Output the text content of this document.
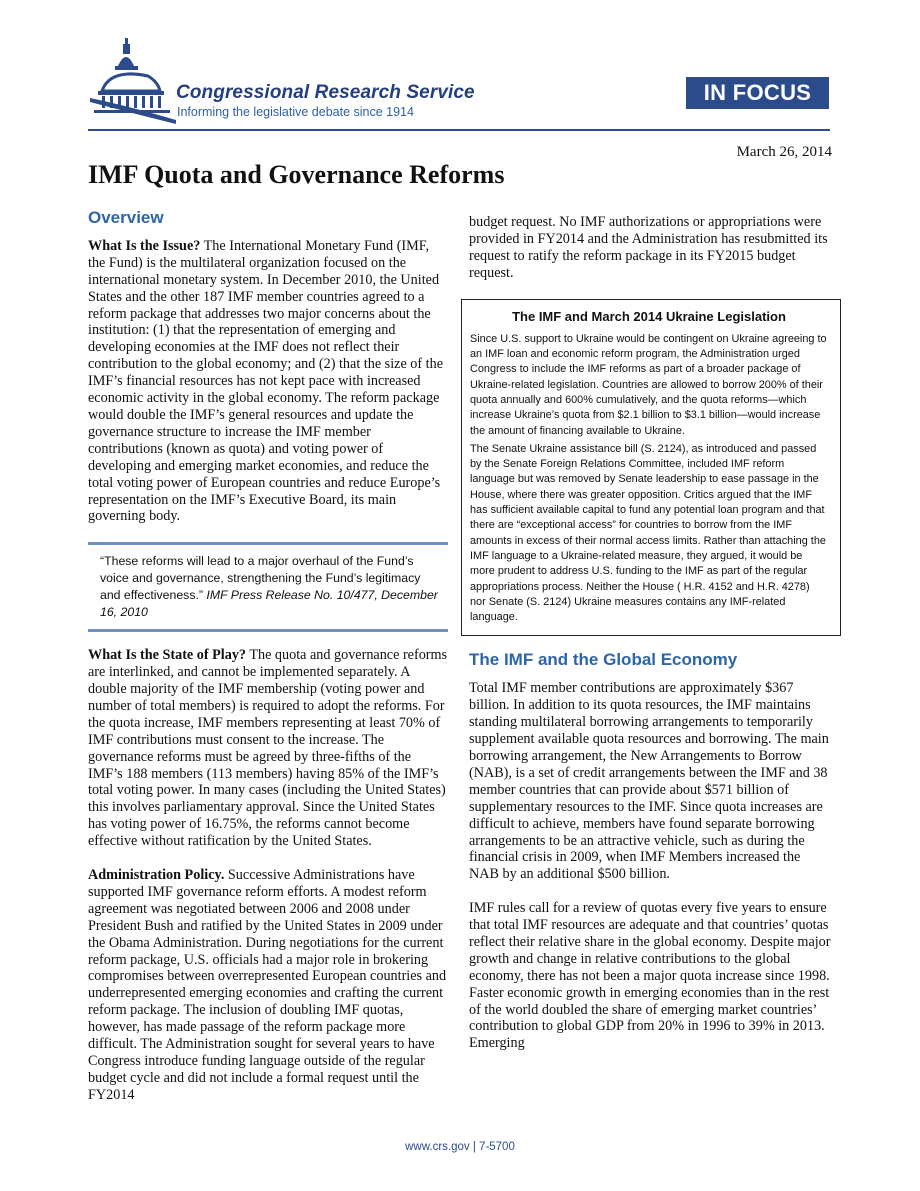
Congressional Research Service
Informing the legislative debate since 1914
IN FOCUS
March 26, 2014
IMF Quota and Governance Reforms
Overview

What Is the Issue? The International Monetary Fund (IMF, the Fund) is the multilateral organization focused on the international monetary system. In December 2010, the United States and the other 187 IMF member countries agreed to a reform package that addresses two major concerns about the institution: (1) that the representation of emerging and developing economies at the IMF does not reflect their contribution to the global economy; and (2) that the size of the IMF’s financial resources has not kept pace with increased economic activity in the global economy. The reform package would double the IMF’s general resources and update the governance structure to increase the IMF member contributions (known as quota) and voting power of developing and emerging market economies, and reduce the total voting power of European countries and reduce Europe’s representation on the IMF’s Executive Board, its main governing body.

“These reforms will lead to a major overhaul of the Fund’s voice and governance, strengthening the Fund’s legitimacy and effectiveness.” IMF Press Release No. 10/477, December 16, 2010

What Is the State of Play? The quota and governance reforms are interlinked, and cannot be implemented separately. A double majority of the IMF membership (voting power and number of total members) is required to adopt the reforms. For the quota increase, IMF members representing at least 70% of IMF contributions must consent to the increase. The governance reforms must be agreed by three-fifths of the IMF’s 188 members (113 members) having 85% of the IMF’s total voting power. In many cases (including the United States) this involves parliamentary approval. Since the United States has voting power of 16.75%, the reforms cannot become effective without ratification by the United States.

Administration Policy. Successive Administrations have supported IMF governance reform efforts. A modest reform agreement was negotiated between 2006 and 2008 under President Bush and ratified by the United States in 2009 under the Obama Administration. During negotiations for the current reform package, U.S. officials had a major role in brokering compromises between overrepresented European countries and underrepresented emerging economies and crafting the current reform package. The inclusion of doubling IMF quotas, however, has made passage of the reform package more difficult. The Administration sought for several years to have Congress introduce funding language outside of the regular budget cycle and did not include a formal request until the FY2014

budget request. No IMF authorizations or appropriations were provided in FY2014 and the Administration has resubmitted its request to ratify the reform package in its FY2015 budget request.

The IMF and March 2014 Ukraine Legislation

Since U.S. support to Ukraine would be contingent on Ukraine agreeing to an IMF loan and economic reform program, the Administration urged Congress to include the IMF reforms as part of a broader package of Ukraine-related legislation. Countries are allowed to borrow 200% of their quota annually and 600% cumulatively, and the quota reforms—which increase Ukraine’s quota from $2.1 billion to $3.1 billion—would increase the amount of financing available to Ukraine.

The Senate Ukraine assistance bill (S. 2124), as introduced and passed by the Senate Foreign Relations Committee, included IMF reform language but was removed by Senate leadership to ease passage in the House, where there was greater opposition. Critics argued that the IMF has sufficient available capital to fund any potential loan program and that there are “exceptional access” for countries to borrow from the IMF amounts in excess of their normal access limits. Rather than attaching the IMF language to a Ukraine-related measure, they argued, it would be more prudent to address U.S. funding to the IMF as part of the regular appropriations process. Neither the House ( H.R. 4152 and H.R. 4278) nor Senate (S. 2124) Ukraine measures contains any IMF-related language.

The IMF and the Global Economy

Total IMF member contributions are approximately $367 billion. In addition to its quota resources, the IMF maintains standing multilateral borrowing arrangements to temporarily supplement available quota resources and borrowing. The main borrowing arrangement, the New Arrangements to Borrow (NAB), is a set of credit arrangements between the IMF and 38 member countries that can provide about $571 billion of supplementary resources to the IMF. Since quota increases are difficult to achieve, members have found separate borrowing arrangements to be an attractive vehicle, such as during the financial crisis in 2009, when IMF Members increased the NAB by an additional $500 billion.

IMF rules call for a review of quotas every five years to ensure that total IMF resources are adequate and that countries’ quotas reflect their relative share in the global economy. Despite major growth and change in relative contributions to the global economy, there has not been a major quota increase since 1998. Faster economic growth in emerging economies than in the rest of the world doubled the share of emerging market countries’ contribution to global GDP from 20% in 1996 to 39% in 2013. Emerging

www.crs.gov | 7-5700
